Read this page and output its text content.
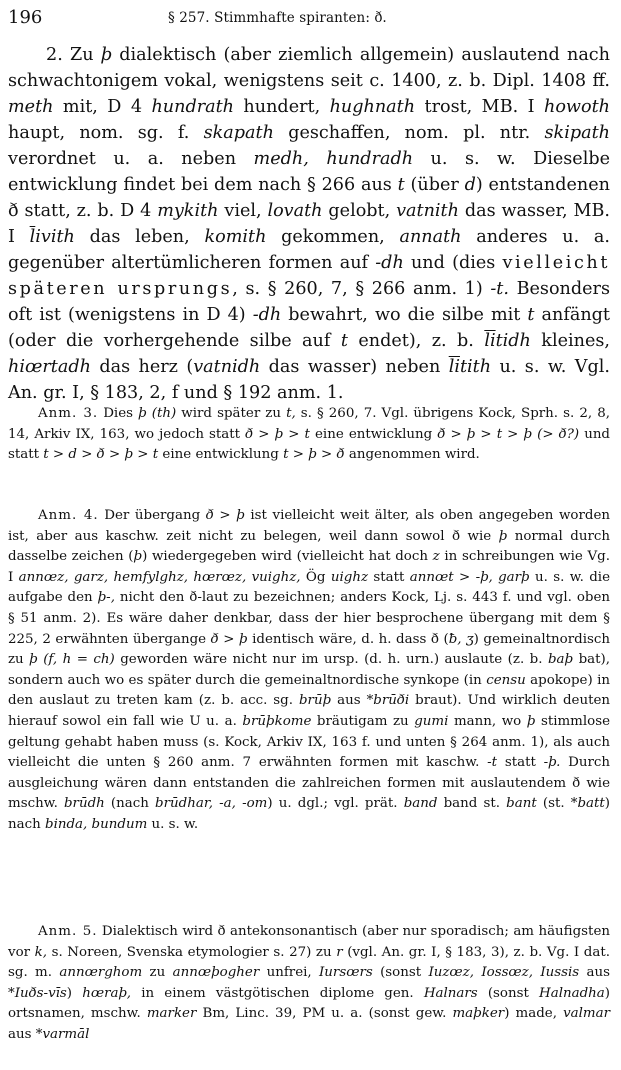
196	§ 257. Stimmhafte spiranten: ð.

2. Zu þ dialektisch (aber ziemlich allgemein) auslautend nach schwachtonigem vokal, wenigstens seit c. 1400, z. b. Dipl. 1408 ff. meth mit, D 4 hundrath hundert, hughnath trost, MB. I howoth haupt, nom. sg. f. skapath geschaffen, nom. pl. ntr. skipath verordnet u. a. neben medh, hundradh u. s. w. Dieselbe entwicklung findet bei dem nach § 266 aus t (über d) entstandenen ð statt, z. b. D 4 mykith viel, lovath gelobt, vatnith das wasser, MB. I $\overline{l}ivith$ das leben, komith gekommen, annath anderes u. a. gegenüber altertümlicheren formen auf -dh und (dies vielleicht späteren ursprungs, s. § 260, 7, § 266 anm. 1) -t. Besonders oft ist (wenigstens in D 4) -dh bewahrt, wo die silbe mit t anfängt (oder die vorhergehende silbe auf t endet), z. b. $\overline{li}tidh$ kleines, hiœrtadh das herz (vatnidh das wasser) neben $\overline{li}tith$ u. s. w. Vgl. An. gr. I, § 183, 2, f und § 192 anm. 1.

Anm. 3. Dies þ (th) wird später zu t, s. § 260, 7. Vgl. übrigens Kock, Sprh. s. 2, 8, 14, Arkiv IX, 163, wo jedoch statt ð > þ > t eine entwicklung ð > þ > t > þ (> ð?) und statt t > d > ð > þ > t eine entwicklung t > þ > ð angenommen wird.

Anm. 4. Der übergang ð > þ ist vielleicht weit älter, als oben angegeben worden ist, aber aus kaschw. zeit nicht zu belegen, weil dann sowol ð wie þ normal durch dasselbe zeichen (þ) wiedergegeben wird (vielleicht hat doch z in schreibungen wie Vg. I annœz, garz, hemfylghz, hœrœz, vuighz, Ög uighz statt annœt > -þ, garþ u. s. w. die aufgabe den þ-, nicht den ð-laut zu bezeichnen; anders Kock, Lj. s. 443 f. und vgl. oben § 51 anm. 2). Es wäre daher denkbar, dass der hier besprochene übergang mit dem § 225, 2 erwähnten übergange ð > þ identisch wäre, d. h. dass ð (ƀ, ʒ) gemeinaltnordisch zu þ (f, h = ch) geworden wäre nicht nur im ursp. (d. h. urn.) auslaute (z. b. baþ bat), sondern auch wo es später durch die gemeinaltnordische synkope (in censu apokope) in den auslaut zu treten kam (z. b. acc. sg. brūþ aus *brūði braut). Und wirklich deuten hierauf sowol ein fall wie U u. a. brūþkome bräutigam zu gumi mann, wo þ stimmlose geltung gehabt haben muss (s. Kock, Arkiv IX, 163 f. und unten § 264 anm. 1), als auch vielleicht die unten § 260 anm. 7 erwähnten formen mit kaschw. -t statt -þ. Durch ausgleichung wären dann entstanden die zahlreichen formen mit auslautendem ð wie mschw. brūdh (nach brūdhar, -a, -om) u. dgl.; vgl. prät. band band st. bant (st. *batt) nach binda, bundum u. s. w.

Anm. 5. Dialektisch wird ð antekonsonantisch (aber nur sporadisch; am häufigsten vor k, s. Noreen, Svenska etymologier s. 27) zu r (vgl. An. gr. I, § 183, 3), z. b. Vg. I dat. sg. m. annœrghom zu annœþogher unfrei, Iursœrs (sonst Iuzœz, Iossœz, Iussis aus *Iuðs-vīs) hœraþ, in einem västgötischen diplome gen. Halnars (sonst Halnadha) ortsnamen, mschw. marker Bm, Linc. 39, PM u. a. (sonst gew. maþker) made, valmar aus *varmāl
